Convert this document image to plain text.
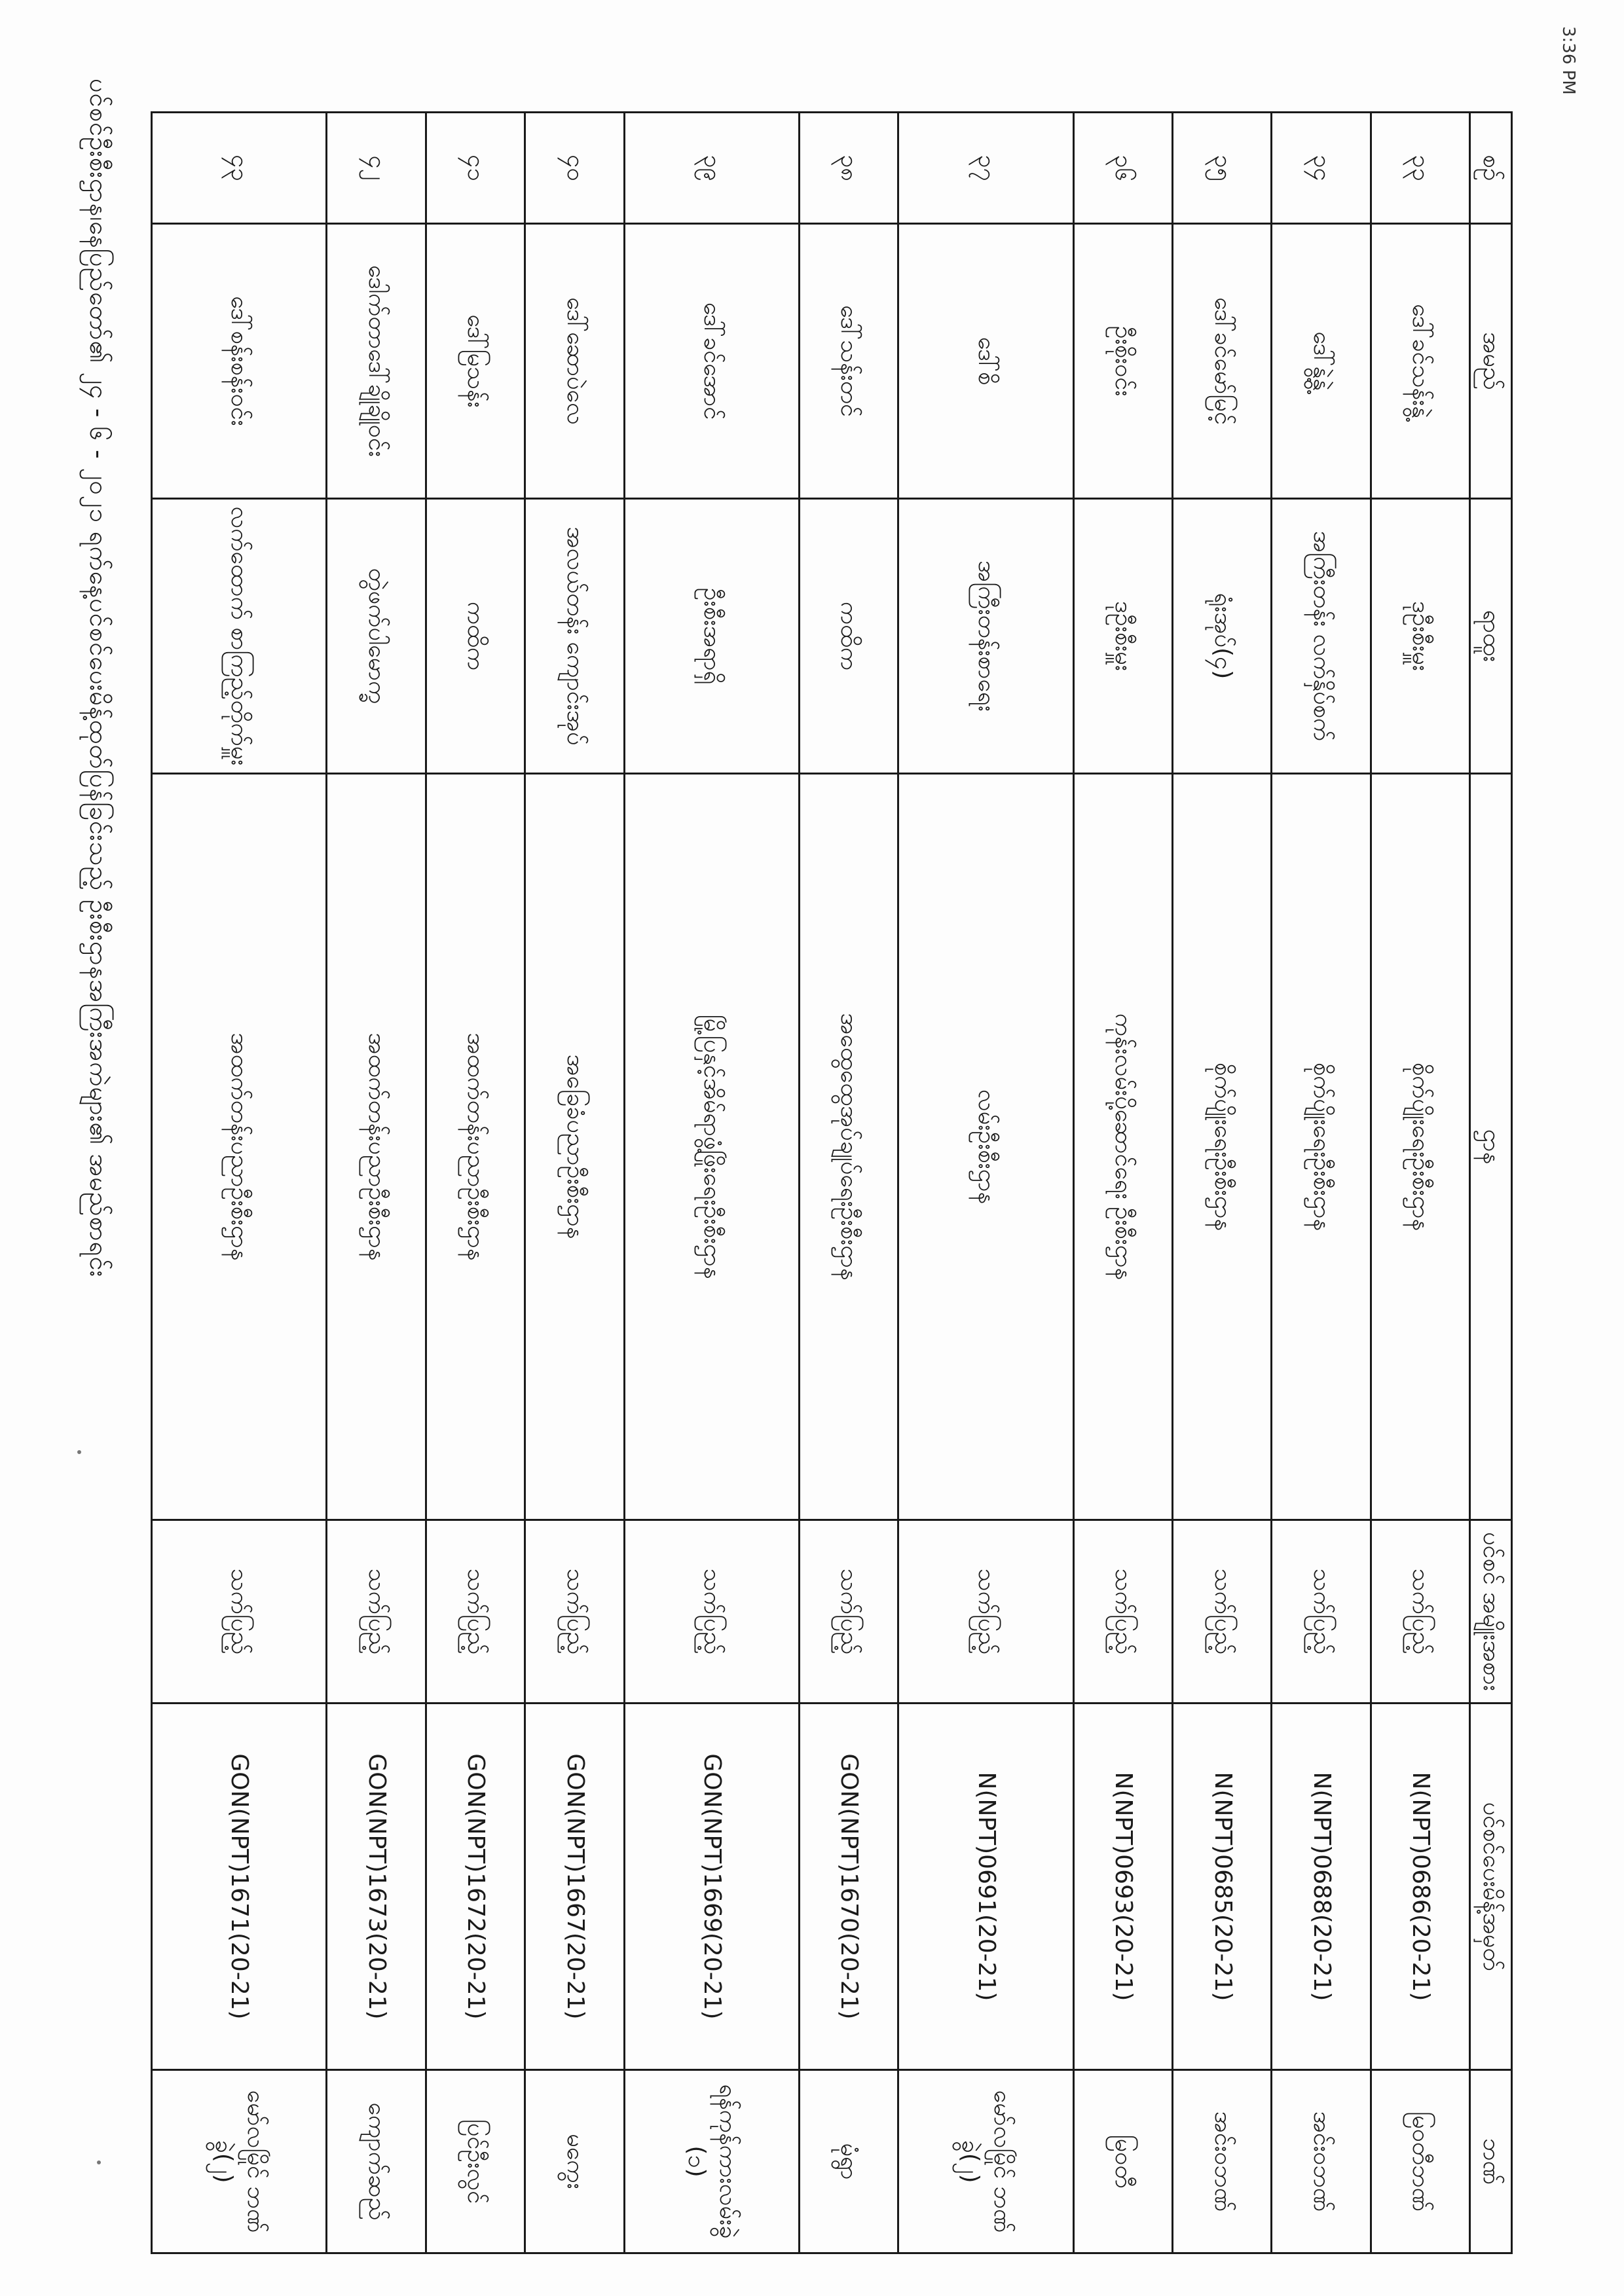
3:36 PM
ပင်စင်ဦးစီးဌာန၊နေပြည်တော်၏ ၂၄ - ၆ - ၂၀၂၁ ရက်နေ့ပင်စင်ပေးမိန့်ထုတ်ပြန်ခြင်းသည့် ဦးစီးဌာနအကြီးအကဲများ၏ အမည်စာရင်း	စဉ်	အမည်	ရာထူး	ဌာန	ပင်စင် အမျိုးအစား	ပင်စင်ပေးမိန့်အမှတ်	ဘဏ်
၃၃	ဒေါ်ခင်သန်းနွဲ့	ဒုဦးစီးမှူး	စိုက်ပျိုးရေးဦးစီးဌာန	သက်ပြည့်	N(NPT)0686(20-21)	မြဝတီဘဏ်
၃၄	ဒေါ်နွဲ့နွဲ့	အကြီးတန်း လက်နှိပ်စက်	စိုက်ပျိုးရေးဦးစီးဌာန	သက်ပြည့်	N(NPT)0688(20-21)	အင်းဝဘဏ်
၃၅	ဒေါ်ခင်မော်မြင့်	ရုံးအုပ်(၄)	စိုက်ပျိုးရေးဦးစီးဌာန	သက်ပြည့်	N(NPT)0685(20-21)	အင်းဝဘဏ်
၃၆	ဦးစိုးဝင်း	ဒုဦးစီးမှူး	ကုန်းလမ်းပို့ဆောင်ရေး ဦးစီးဌာန	သက်ပြည့်	N(NPT)0693(20-21)	မြဝတီ
၃၇	ဒေါ်စိ	အကြီးတန်းစာရေး	လမ်းဦးစီးဌာန	သက်ပြည့်	N(NPT)0691(20-21)	မော်လမြိုင် ဘဏ်ခွဲ(၂)
၃၈	ဒေါ်သန်းတင်	ကထိက	အထွေထွေအုပ်ချုပ်ရေးဦးစီးဌာန	သက်ပြည့်	GON(NPT)1670(20-21)	မုံရွာ
၃၉	ဒေါ်ခင်အောင်	ဦးစီးအရာရှိ	မြို့ပြနှင့်အိမ်ရာဖွံ့ဖြိုးရေးဦးစီးဌာန	သက်ပြည့်	GON(NPT)1669(20-21)	ရန်ကုန်ကားလမ်းခွဲ (၁)
၄၀	ဒေါ်ဆောပဲလေ	အလယ်တန်း ကျောင်းအုပ်	အခြေခံပညာဦးစီးဌာန	သက်ပြည့်	GON(NPT)1667(20-21)	မကွေး
၄၁	ဒေါ်မြသန်း	ကထိက	အထက်တန်းပညာဦးစီးဌာန	သက်ပြည့်	GON(NPT)1672(20-21)	ပြင်ဦးလွင်
၄၂	ဒေါက်တာဒေါ်ချိုချိုဝင်း	တွဲဖက်ပါမောက္ခ	အထက်တန်းပညာဦးစီးဌာန	သက်ပြည့်	GON(NPT)1673(20-21)	ကျောက်ဆည်
၄၃	ဒေါ်စန်းစန်းဝင်း	လက်ထောက် စာကြည့်တိုက်မှူး	အထက်တန်းပညာဦးစီးဌာန	သက်ပြည့်	GON(NPT)1671(20-21)	မော်လမြိုင် ဘဏ်ခွဲ(၂)
